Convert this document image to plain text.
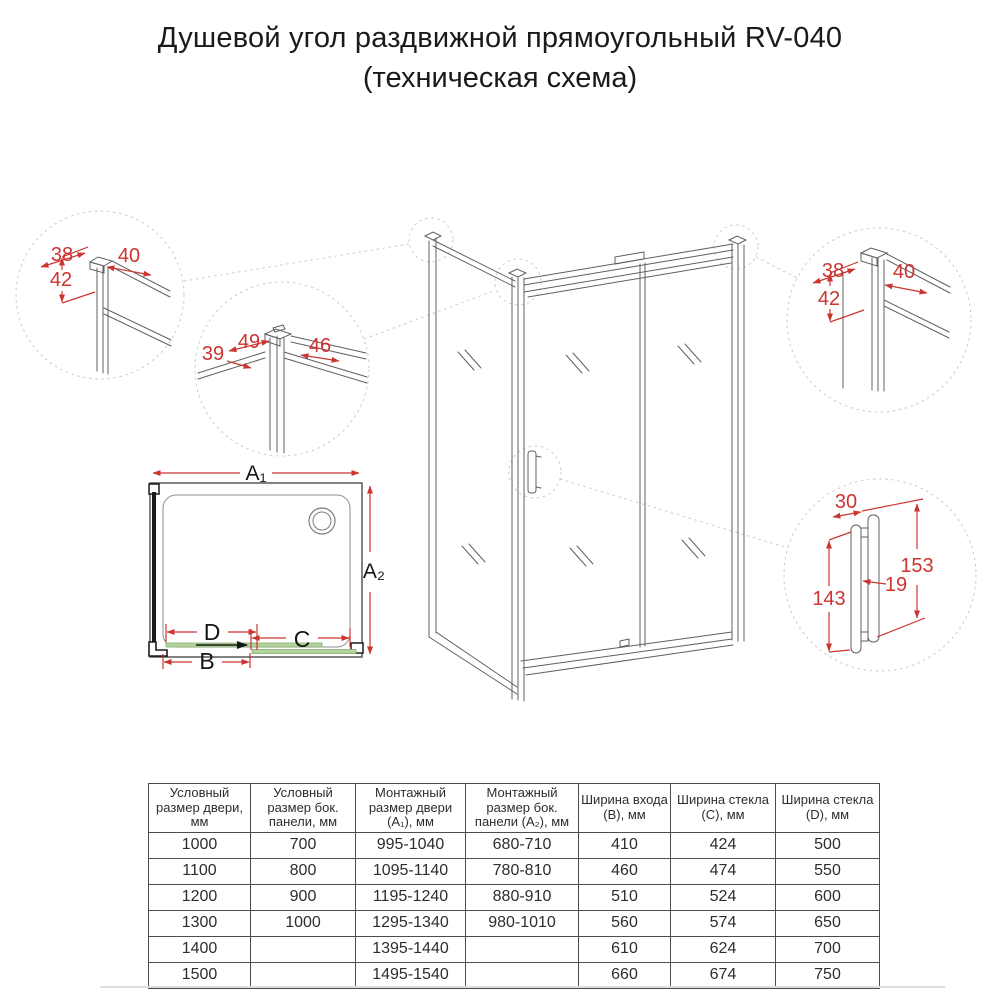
Душевой угол раздвижной прямоугольный RV-040
(техническая схема)
38 40
42
49 46
39
38 40
42
30
153
19
143
A₁
A₂
D	C
B
Условный размер двери, мм	Условный размер бок. панели, мм	Монтажный размер двери (A₁), мм	Монтажный размер бок. панели (A₂), мм	Ширина входа (B), мм	Ширина стекла (C), мм	Ширина стекла (D), мм
1000	700	995-1040	680-710	410	424	500
1100	800	1095-1140	780-810	460	474	550
1200	900	1195-1240	880-910	510	524	600
1300	1000	1295-1340	980-1010	560	574	650
1400		1395-1440		610	624	700
1500		1495-1540		660	674	750
